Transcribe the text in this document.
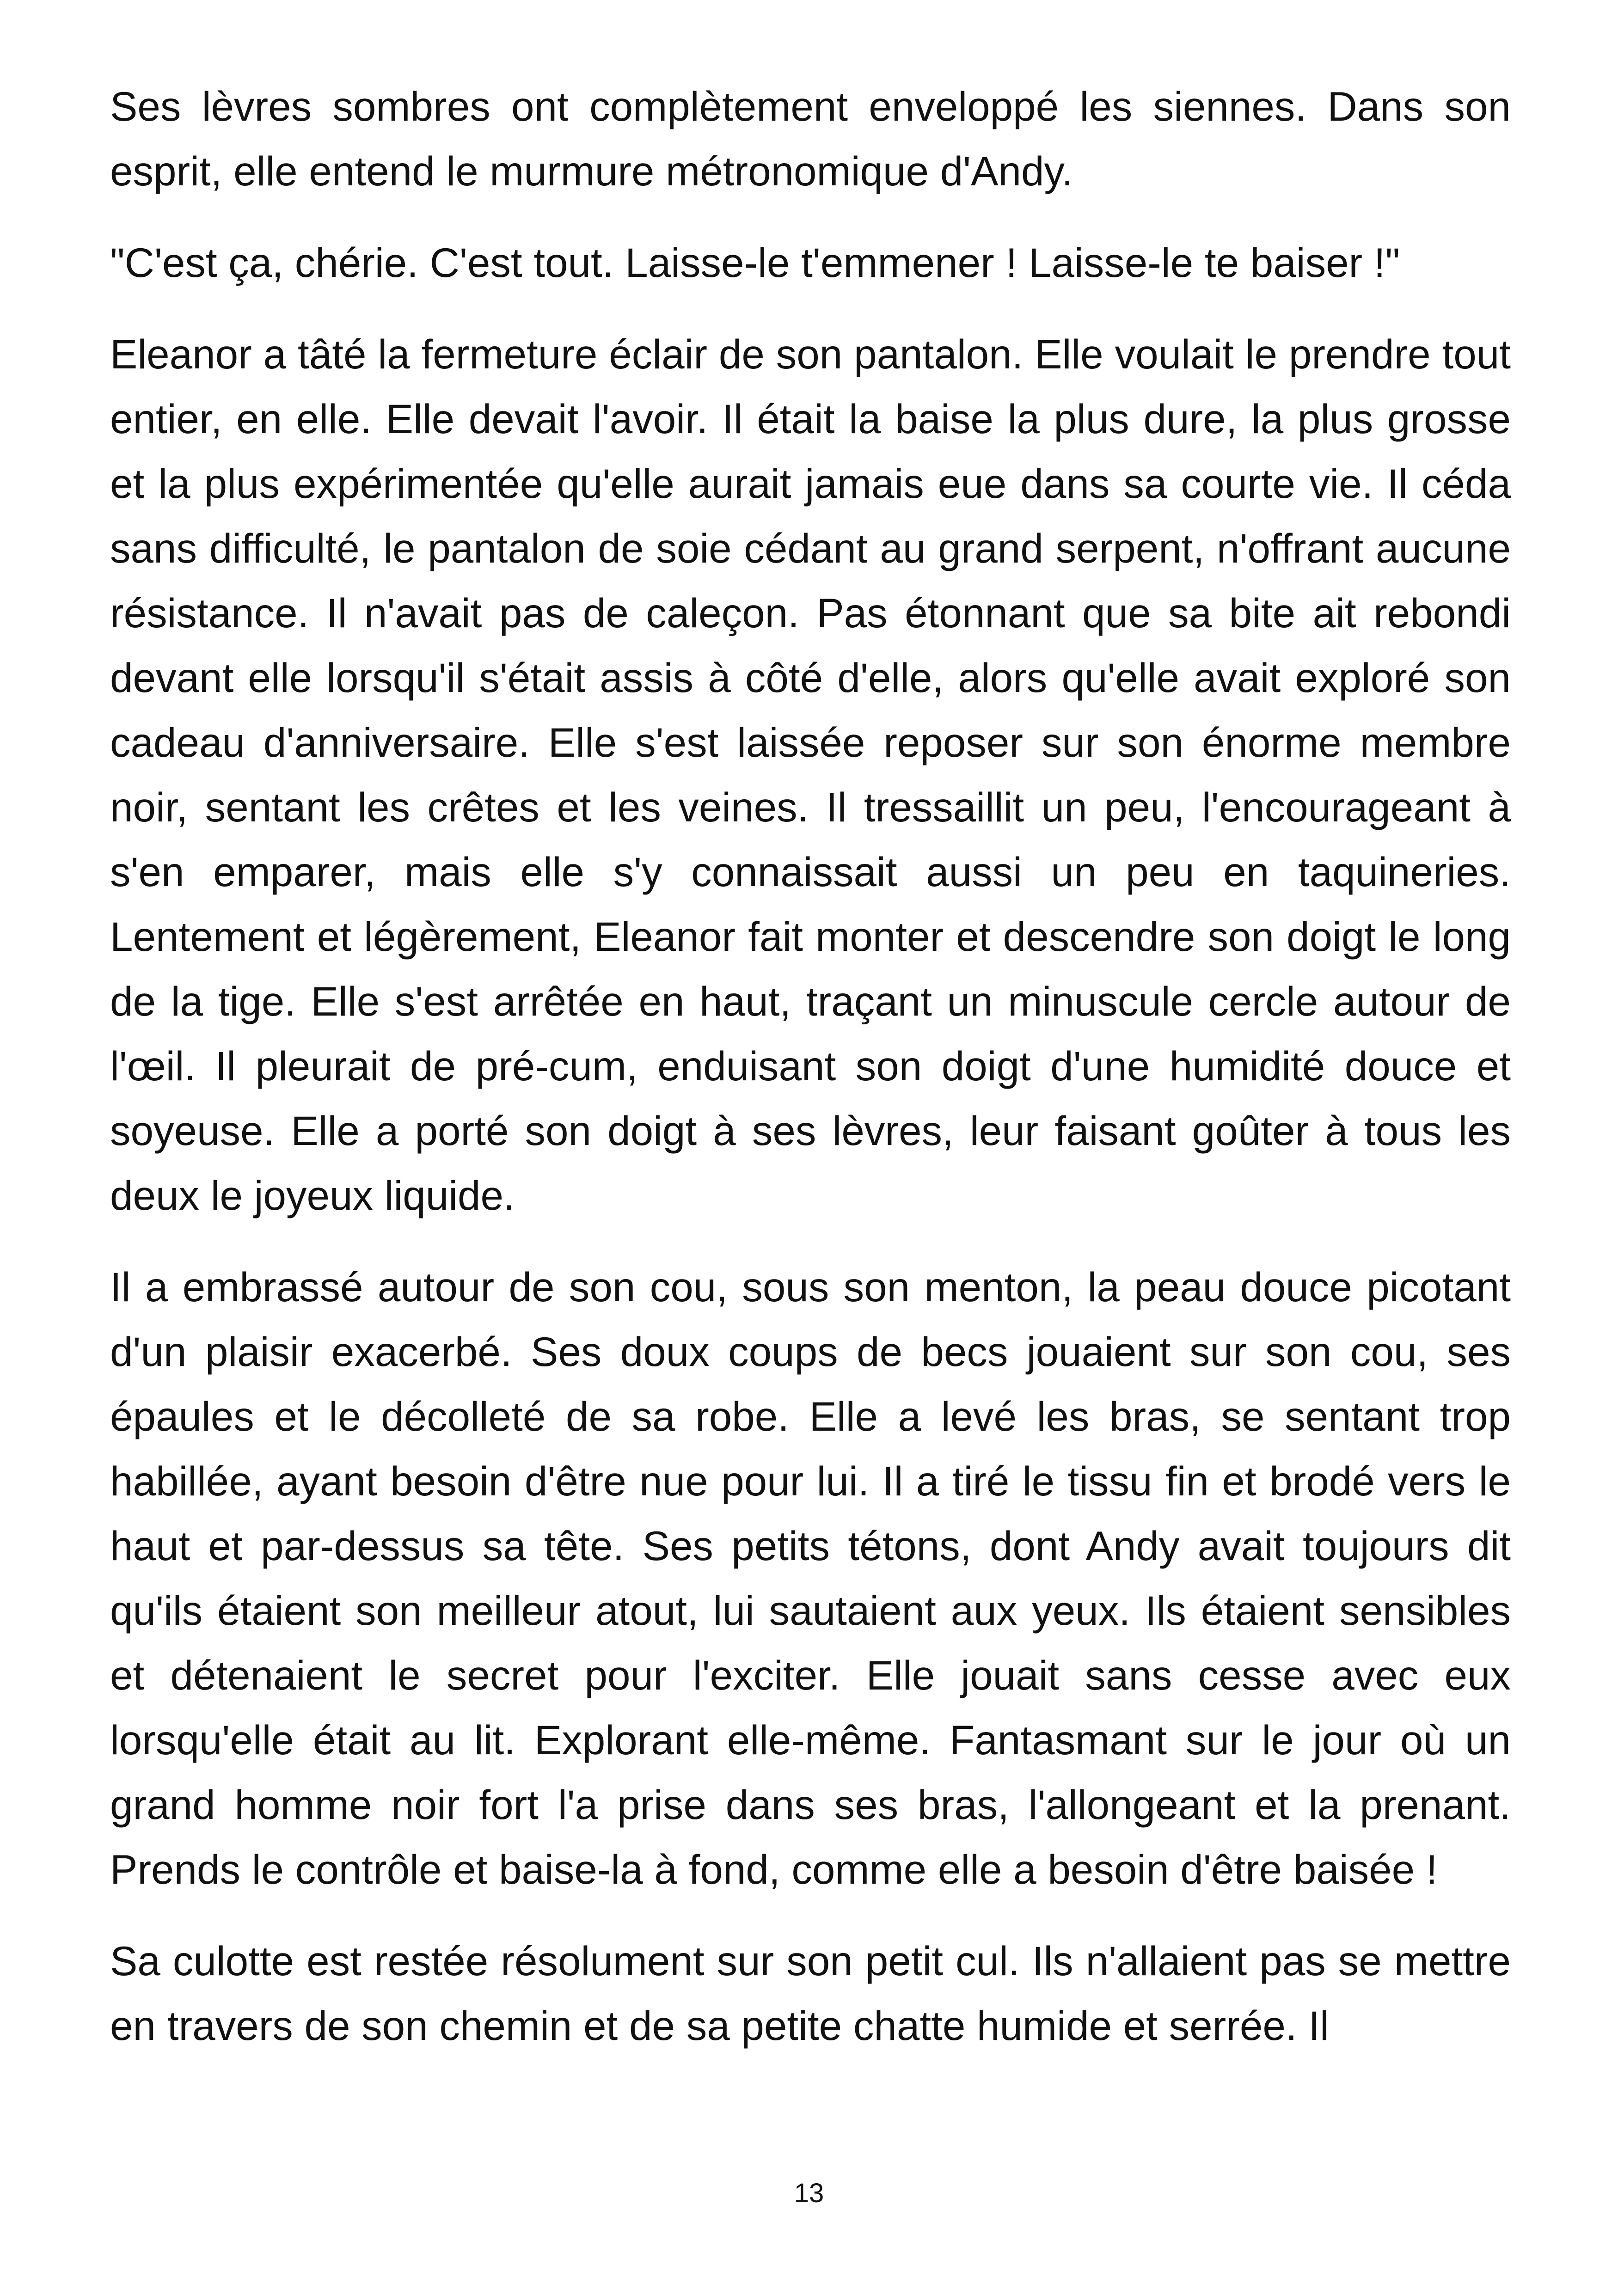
Ses lèvres sombres ont complètement enveloppé les siennes. Dans son esprit, elle entend le murmure métronomique d'Andy.

"C'est ça, chérie. C'est tout. Laisse-le t'emmener ! Laisse-le te baiser !"

Eleanor a tâté la fermeture éclair de son pantalon. Elle voulait le prendre tout entier, en elle. Elle devait l'avoir. Il était la baise la plus dure, la plus grosse et la plus expérimentée qu'elle aurait jamais eue dans sa courte vie. Il céda sans difficulté, le pantalon de soie cédant au grand serpent, n'offrant aucune résistance. Il n'avait pas de caleçon. Pas étonnant que sa bite ait rebondi devant elle lorsqu'il s'était assis à côté d'elle, alors qu'elle avait exploré son cadeau d'anniversaire. Elle s'est laissée reposer sur son énorme membre noir, sentant les crêtes et les veines. Il tressaillit un peu, l'encourageant à s'en emparer, mais elle s'y connaissait aussi un peu en taquineries. Lentement et légèrement, Eleanor fait monter et descendre son doigt le long de la tige. Elle s'est arrêtée en haut, traçant un minuscule cercle autour de l'œil. Il pleurait de pré-cum, enduisant son doigt d'une humidité douce et soyeuse. Elle a porté son doigt à ses lèvres, leur faisant goûter à tous les deux le joyeux liquide.

Il a embrassé autour de son cou, sous son menton, la peau douce picotant d'un plaisir exacerbé. Ses doux coups de becs jouaient sur son cou, ses épaules et le décolleté de sa robe. Elle a levé les bras, se sentant trop habillée, ayant besoin d'être nue pour lui. Il a tiré le tissu fin et brodé vers le haut et par-dessus sa tête. Ses petits tétons, dont Andy avait toujours dit qu'ils étaient son meilleur atout, lui sautaient aux yeux. Ils étaient sensibles et détenaient le secret pour l'exciter. Elle jouait sans cesse avec eux lorsqu'elle était au lit. Explorant elle-même. Fantasmant sur le jour où un grand homme noir fort l'a prise dans ses bras, l'allongeant et la prenant. Prends le contrôle et baise-la à fond, comme elle a besoin d'être baisée !

Sa culotte est restée résolument sur son petit cul. Ils n'allaient pas se mettre en travers de son chemin et de sa petite chatte humide et serrée. Il

13
